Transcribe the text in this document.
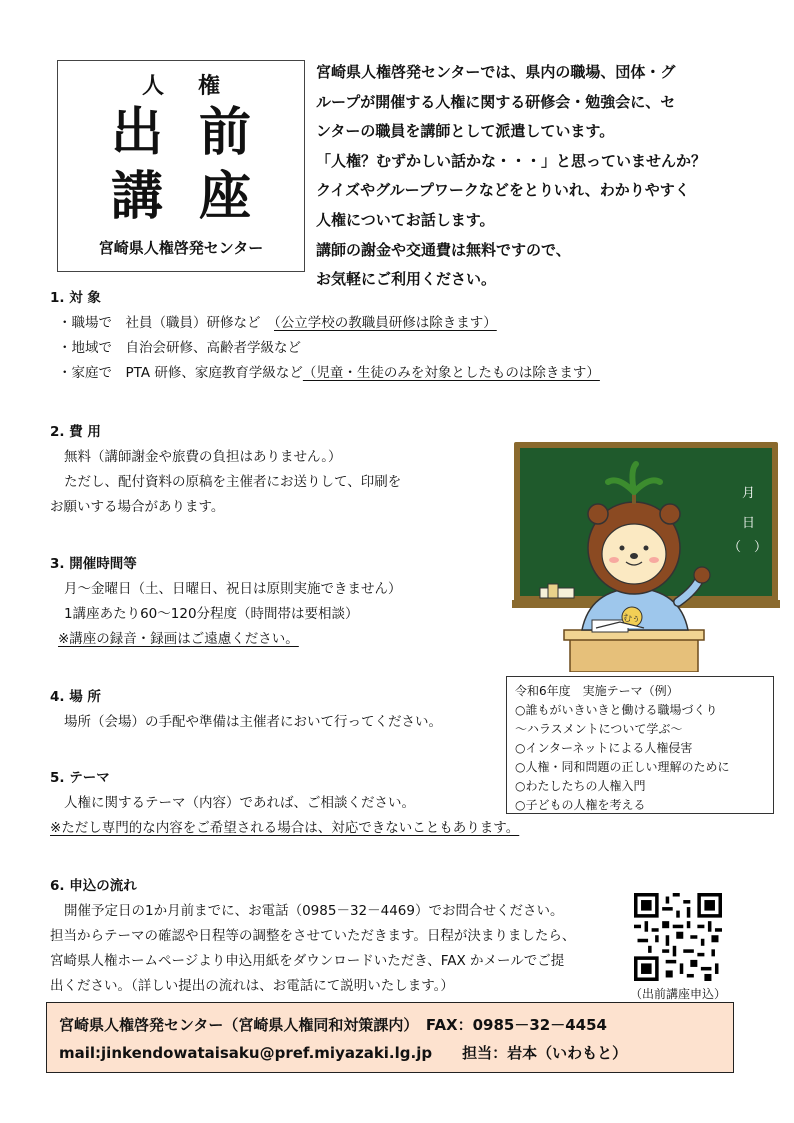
人権
出前
講座
宮崎県人権啓発センター
宮崎県人権啓発センターでは、県内の職場、団体・グ
ループが開催する人権に関する研修会・勉強会に、セ
ンターの職員を講師として派遣しています。
「人権？むずかしい話かな・・・」と思っていませんか？
クイズやグループワークなどをとりいれ、わかりやすく
人権についてお話します。
講師の謝金や交通費は無料ですので、
お気軽にご利用ください。
1. 対 象
・職場で　 社員（職員）研修など　 （公立学校の教職員研修は除きます）
・地域で　 自治会研修、高齢者学級など
・家庭で　 PTA 研修、家庭教育学級など（児童・生徒のみを対象としたものは除きます）
2. 費 用
無料（講師謝金や旅費の負担はありません。）
ただし、配付資料の原稿を主催者にお送りして、印刷を
お願いする場合があります。
3. 開催時間等
月～金曜日（土、日曜日、祝日は原則実施できません）
1講座あたり60～120分程度（時間帯は要相談）
※講座の録音・録画はご遠慮ください。
4. 場 所
場所（会場）の手配や準備は主催者において行ってください。
5. テーマ
人権に関するテーマ（内容）であれば、ご相談ください。
※ただし専門的な内容をご希望される場合は、対応できないこともあります。
6. 申込の流れ
開催予定日の1か月前までに、お電話（0985－32－4469）でお問合せください。
担当からテーマの確認や日程等の調整をさせていただきます。日程が決まりましたら、
宮崎県人権ホームページより申込用紙をダウンロードいただき、FAX かメールでご提
出ください。（詳しい提出の流れは、お電話にて説明いたします。）
月
日
（　）
むぅ
令和6年度　実施テーマ（例）
○誰もがいきいきと働ける職場づくり
～ハラスメントについて学ぶ～
○インターネットによる人権侵害
○人権・同和問題の正しい理解のために
○わたしたちの人権入門
○子どもの人権を考える
（出前講座申込）
宮崎県人権啓発センター（宮崎県人権同和対策課内）　 FAX：0985－32－4454
mail:jinkendowataisaku@pref.miyazaki.lg.jp　　 担当：岩本（いわもと）
